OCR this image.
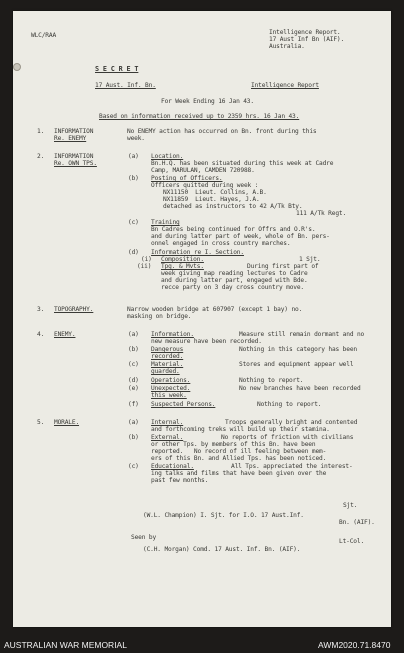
WLC/RAA	Intelligence Report.
17 Aust Inf Bn (AIF).
Australia.
S E C R E T
17 Aust. Inf. Bn.	Intelligence Report
For Week Ending 16 Jan 43.
Based on information received up to 2359 hrs. 16 Jan 43.
1. INFORMATION
Re. ENEMY
No ENEMY action has occurred on Bn. front during this
week.
2. INFORMATION
Re. OWN TPS.
(a) Location.
Bn.H.Q. has been situated during this week at Cadre
Camp, MARULAN, CAMDEN 720988.
(b) Posting of Officers.
Officers quitted during week :
NX11150  Lieut. Collins, A.B.
NX11859  Lieut. Hayes, J.A.
detached as instructors to 42 A/Tk Bty.
111 A/Tk Regt.
(c) Training
Bn Cadres being continued for Offrs and O.R's.
and during latter part of week, whole of Bn. pers-
onnel engaged in cross country marches.
(d) Information re I. Section.
(i) Composition.	1 Sjt.
(ii) Tpg. & Mvts.	During first part of
week giving map reading lectures to Cadre
and during latter part, engaged with Bde.
recce party on 3 day cross country move.
3. TOPOGRAPHY.	Narrow wooden bridge at 607907 (except 1 bay) no.
masking on bridge.
4. ENEMY.	(a) Information.	Measure still remain dormant and no
new measure have been recorded.
(b) Dangerous	Nothing in this category has been
recorded.
(c) Material.	Stores and equipment appear well
guarded.
(d) Operations.	Nothing to report.
(e) Unexpected.	No new branches have been recorded
this week.
(f) Suspected Persons.	Nothing to report.
5. MORALE.	(a) Internal.	Troops generally bright and contented
and forthcoming treks will build up their stamina.
(b) External.	No reports of friction with civilians
or other Tps. by members of this Bn. have been
reported.   No record of ill feeling between mem-
ers of this Bn. and Allied Tps. has been noticed.
(c) Educational.	All Tps. appreciated the interest-
ing talks and films that have been given over the
past few months.
Sjt.
(W.L. Champion) I. Sjt. for I.O. 17 Aust.Inf.
Bn. (AIF).
Seen by
Lt-Col.
(C.H. Morgan) Comd. 17 Aust. Inf. Bn. (AIF).
AUSTRALIAN WAR MEMORIAL	AWM2020.71.8470
